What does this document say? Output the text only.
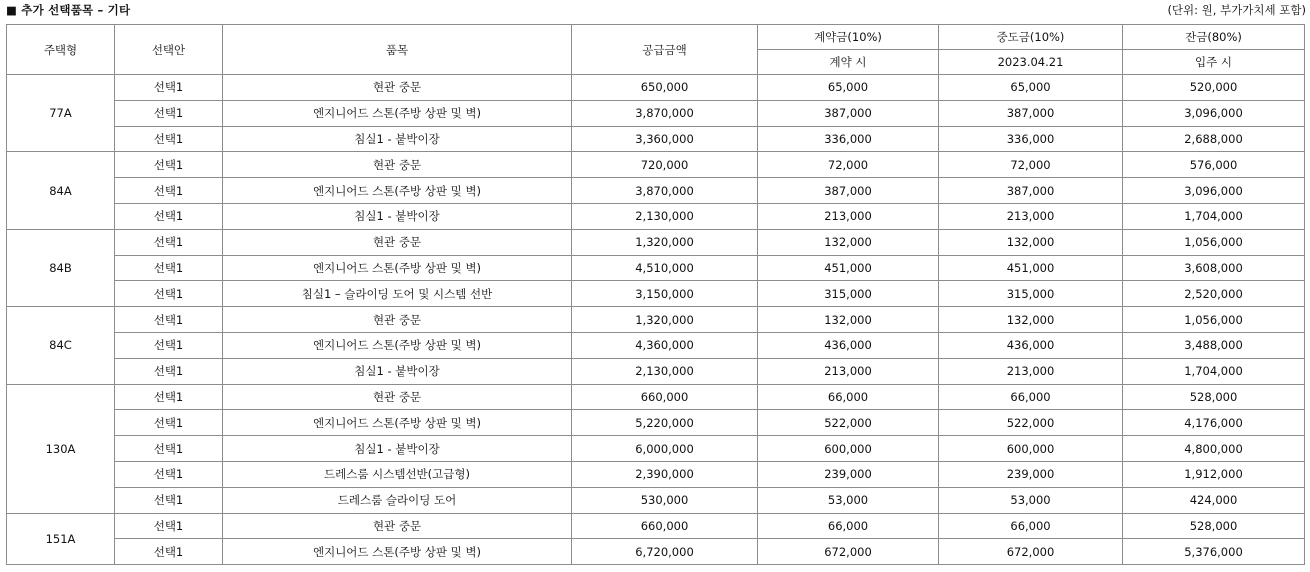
■ 추가 선택품목 – 기타	(단위: 원, 부가가치세 포함)
주택형	선택안	품목	공급금액	계약금(10%)	중도금(10%)	잔금(80%)
				계약 시	2023.04.21	입주 시
77A	선택1	현관 중문	650,000	65,000	65,000	520,000
	선택1	엔지니어드 스톤(주방 상판 및 벽)	3,870,000	387,000	387,000	3,096,000
	선택1	침실1 - 붙박이장	3,360,000	336,000	336,000	2,688,000
84A	선택1	현관 중문	720,000	72,000	72,000	576,000
	선택1	엔지니어드 스톤(주방 상판 및 벽)	3,870,000	387,000	387,000	3,096,000
	선택1	침실1 - 붙박이장	2,130,000	213,000	213,000	1,704,000
84B	선택1	현관 중문	1,320,000	132,000	132,000	1,056,000
	선택1	엔지니어드 스톤(주방 상판 및 벽)	4,510,000	451,000	451,000	3,608,000
	선택1	침실1 – 슬라이딩 도어 및 시스템 선반	3,150,000	315,000	315,000	2,520,000
84C	선택1	현관 중문	1,320,000	132,000	132,000	1,056,000
	선택1	엔지니어드 스톤(주방 상판 및 벽)	4,360,000	436,000	436,000	3,488,000
	선택1	침실1 - 붙박이장	2,130,000	213,000	213,000	1,704,000
130A	선택1	현관 중문	660,000	66,000	66,000	528,000
	선택1	엔지니어드 스톤(주방 상판 및 벽)	5,220,000	522,000	522,000	4,176,000
	선택1	침실1 - 붙박이장	6,000,000	600,000	600,000	4,800,000
	선택1	드레스룸 시스템선반(고급형)	2,390,000	239,000	239,000	1,912,000
	선택1	드레스룸 슬라이딩 도어	530,000	53,000	53,000	424,000
151A	선택1	현관 중문	660,000	66,000	66,000	528,000
	선택1	엔지니어드 스톤(주방 상판 및 벽)	6,720,000	672,000	672,000	5,376,000
